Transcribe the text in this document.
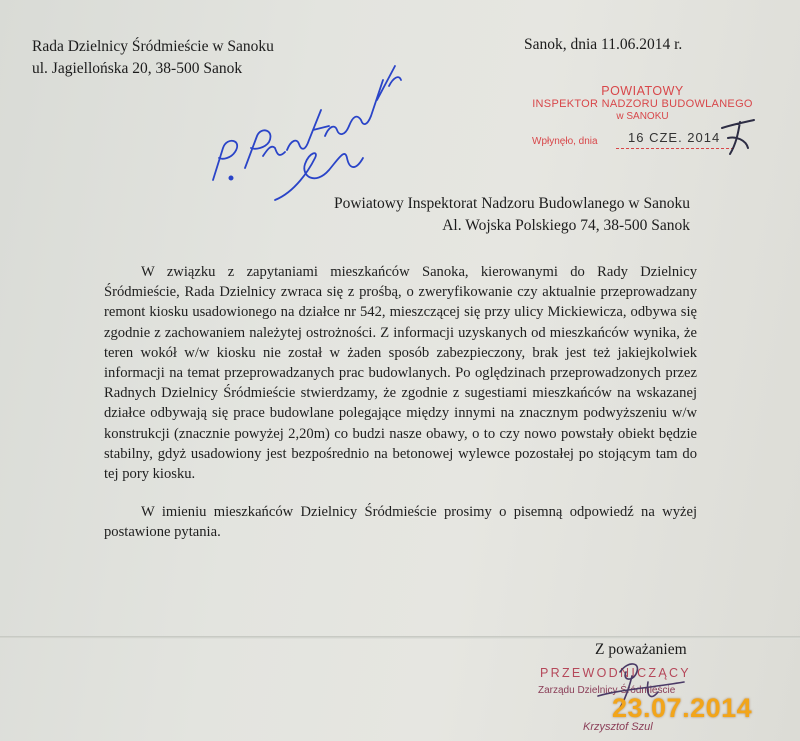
Rada Dzielnicy Śródmieście w Sanoku
ul. Jagiellońska 20, 38-500 Sanok
Sanok, dnia 11.06.2014 r.
POWIATOWY
INSPEKTOR NADZORU BUDOWLANEGO
w SANOKU
Wpłynęło, dnia 16 CZE. 2014
Powiatowy Inspektorat Nadzoru Budowlanego w Sanoku
Al. Wojska Polskiego 74, 38-500 Sanok

W związku z zapytaniami mieszkańców Sanoka, kierowanymi do Rady Dzielnicy Śródmieście, Rada Dzielnicy zwraca się z prośbą, o zweryfikowanie czy aktualnie przeprowadzany remont kiosku usadowionego na działce nr 542, mieszczącej się przy ulicy Mickiewicza, odbywa się zgodnie z zachowaniem należytej ostrożności. Z informacji uzyskanych od mieszkańców wynika, że teren wokół w/w kiosku nie został w żaden sposób zabezpieczony, brak jest też jakiejkolwiek informacji na temat przeprowadzanych prac budowlanych. Po oględzinach przeprowadzonych przez Radnych Dzielnicy Śródmieście stwierdzamy, że zgodnie z sugestiami mieszkańców na wskazanej działce odbywają się prace budowlane polegające między innymi na znacznym podwyższeniu w/w konstrukcji (znacznie powyżej 2,20m) co budzi nasze obawy, o to czy nowo powstały obiekt będzie stabilny, gdyż usadowiony jest bezpośrednio na betonowej wylewce pozostałej po stojącym tam do tej pory kiosku.

W imieniu mieszkańców Dzielnicy Śródmieście prosimy o pisemną odpowiedź na wyżej postawione pytania.

Z poważaniem
PRZEWODNICZĄCY
Zarządu Dzielnicy Śródmieście
Krzysztof Szul
23.07.2014
